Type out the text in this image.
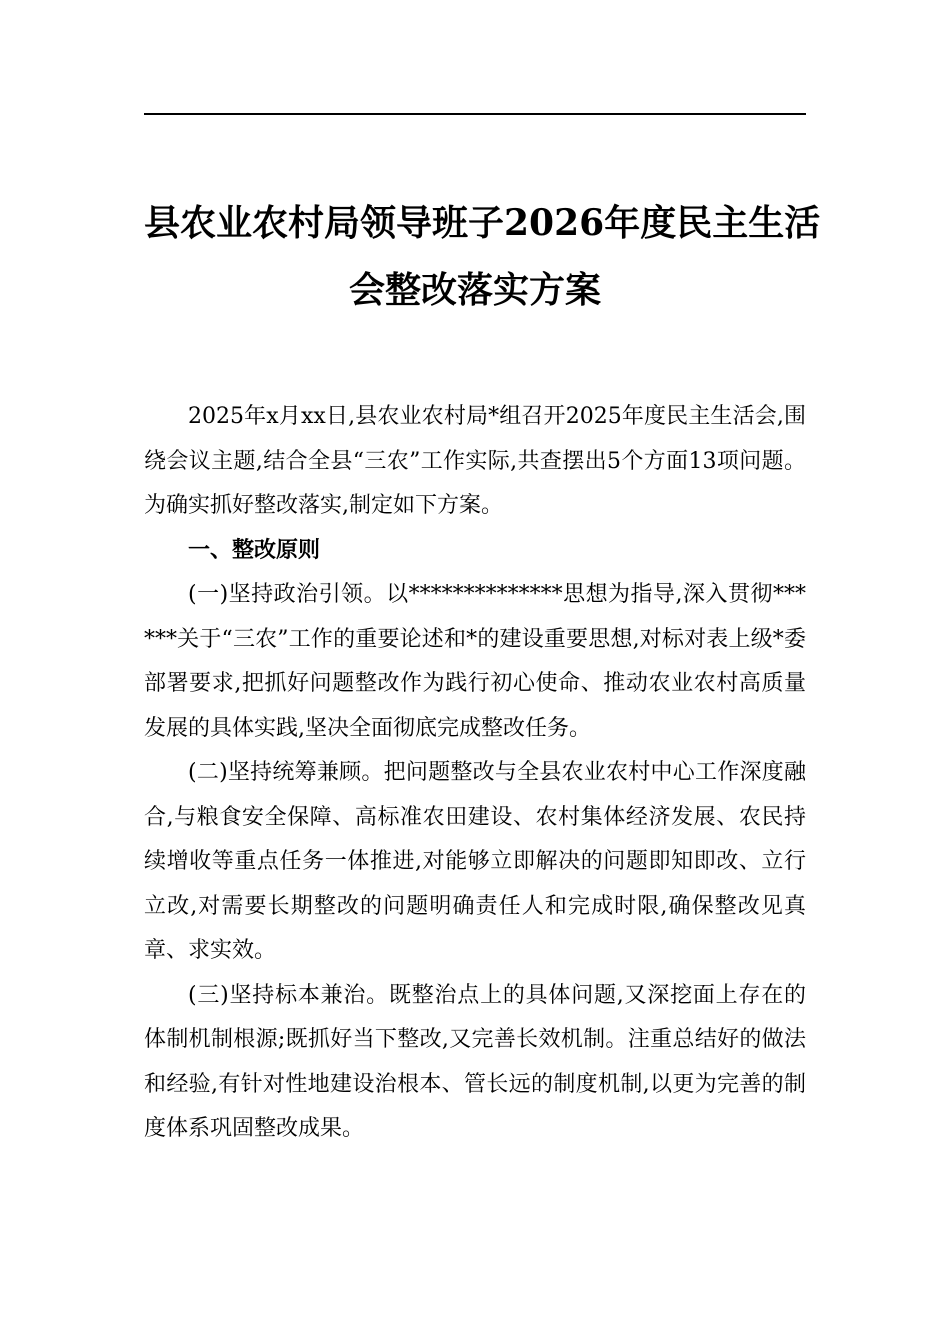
县农业农村局领导班子2026年度民主生活
会整改落实方案

2025年x月xx日,县农业农村局*组召开2025年度民主生活会,围绕会议主题,结合全县“三农”工作实际,共查摆出5个方面13项问题。为确实抓好整改落实,制定如下方案。

一、整改原则

(一)坚持政治引领。以**************思想为指导,深入贯彻******关于“三农”工作的重要论述和*的建设重要思想,对标对表上级*委部署要求,把抓好问题整改作为践行初心使命、推动农业农村高质量发展的具体实践,坚决全面彻底完成整改任务。

(二)坚持统筹兼顾。把问题整改与全县农业农村中心工作深度融合,与粮食安全保障、高标准农田建设、农村集体经济发展、农民持续增收等重点任务一体推进,对能够立即解决的问题即知即改、立行立改,对需要长期整改的问题明确责任人和完成时限,确保整改见真章、求实效。

(三)坚持标本兼治。既整治点上的具体问题,又深挖面上存在的体制机制根源;既抓好当下整改,又完善长效机制。注重总结好的做法和经验,有针对性地建设治根本、管长远的制度机制,以更为完善的制度体系巩固整改成果。
